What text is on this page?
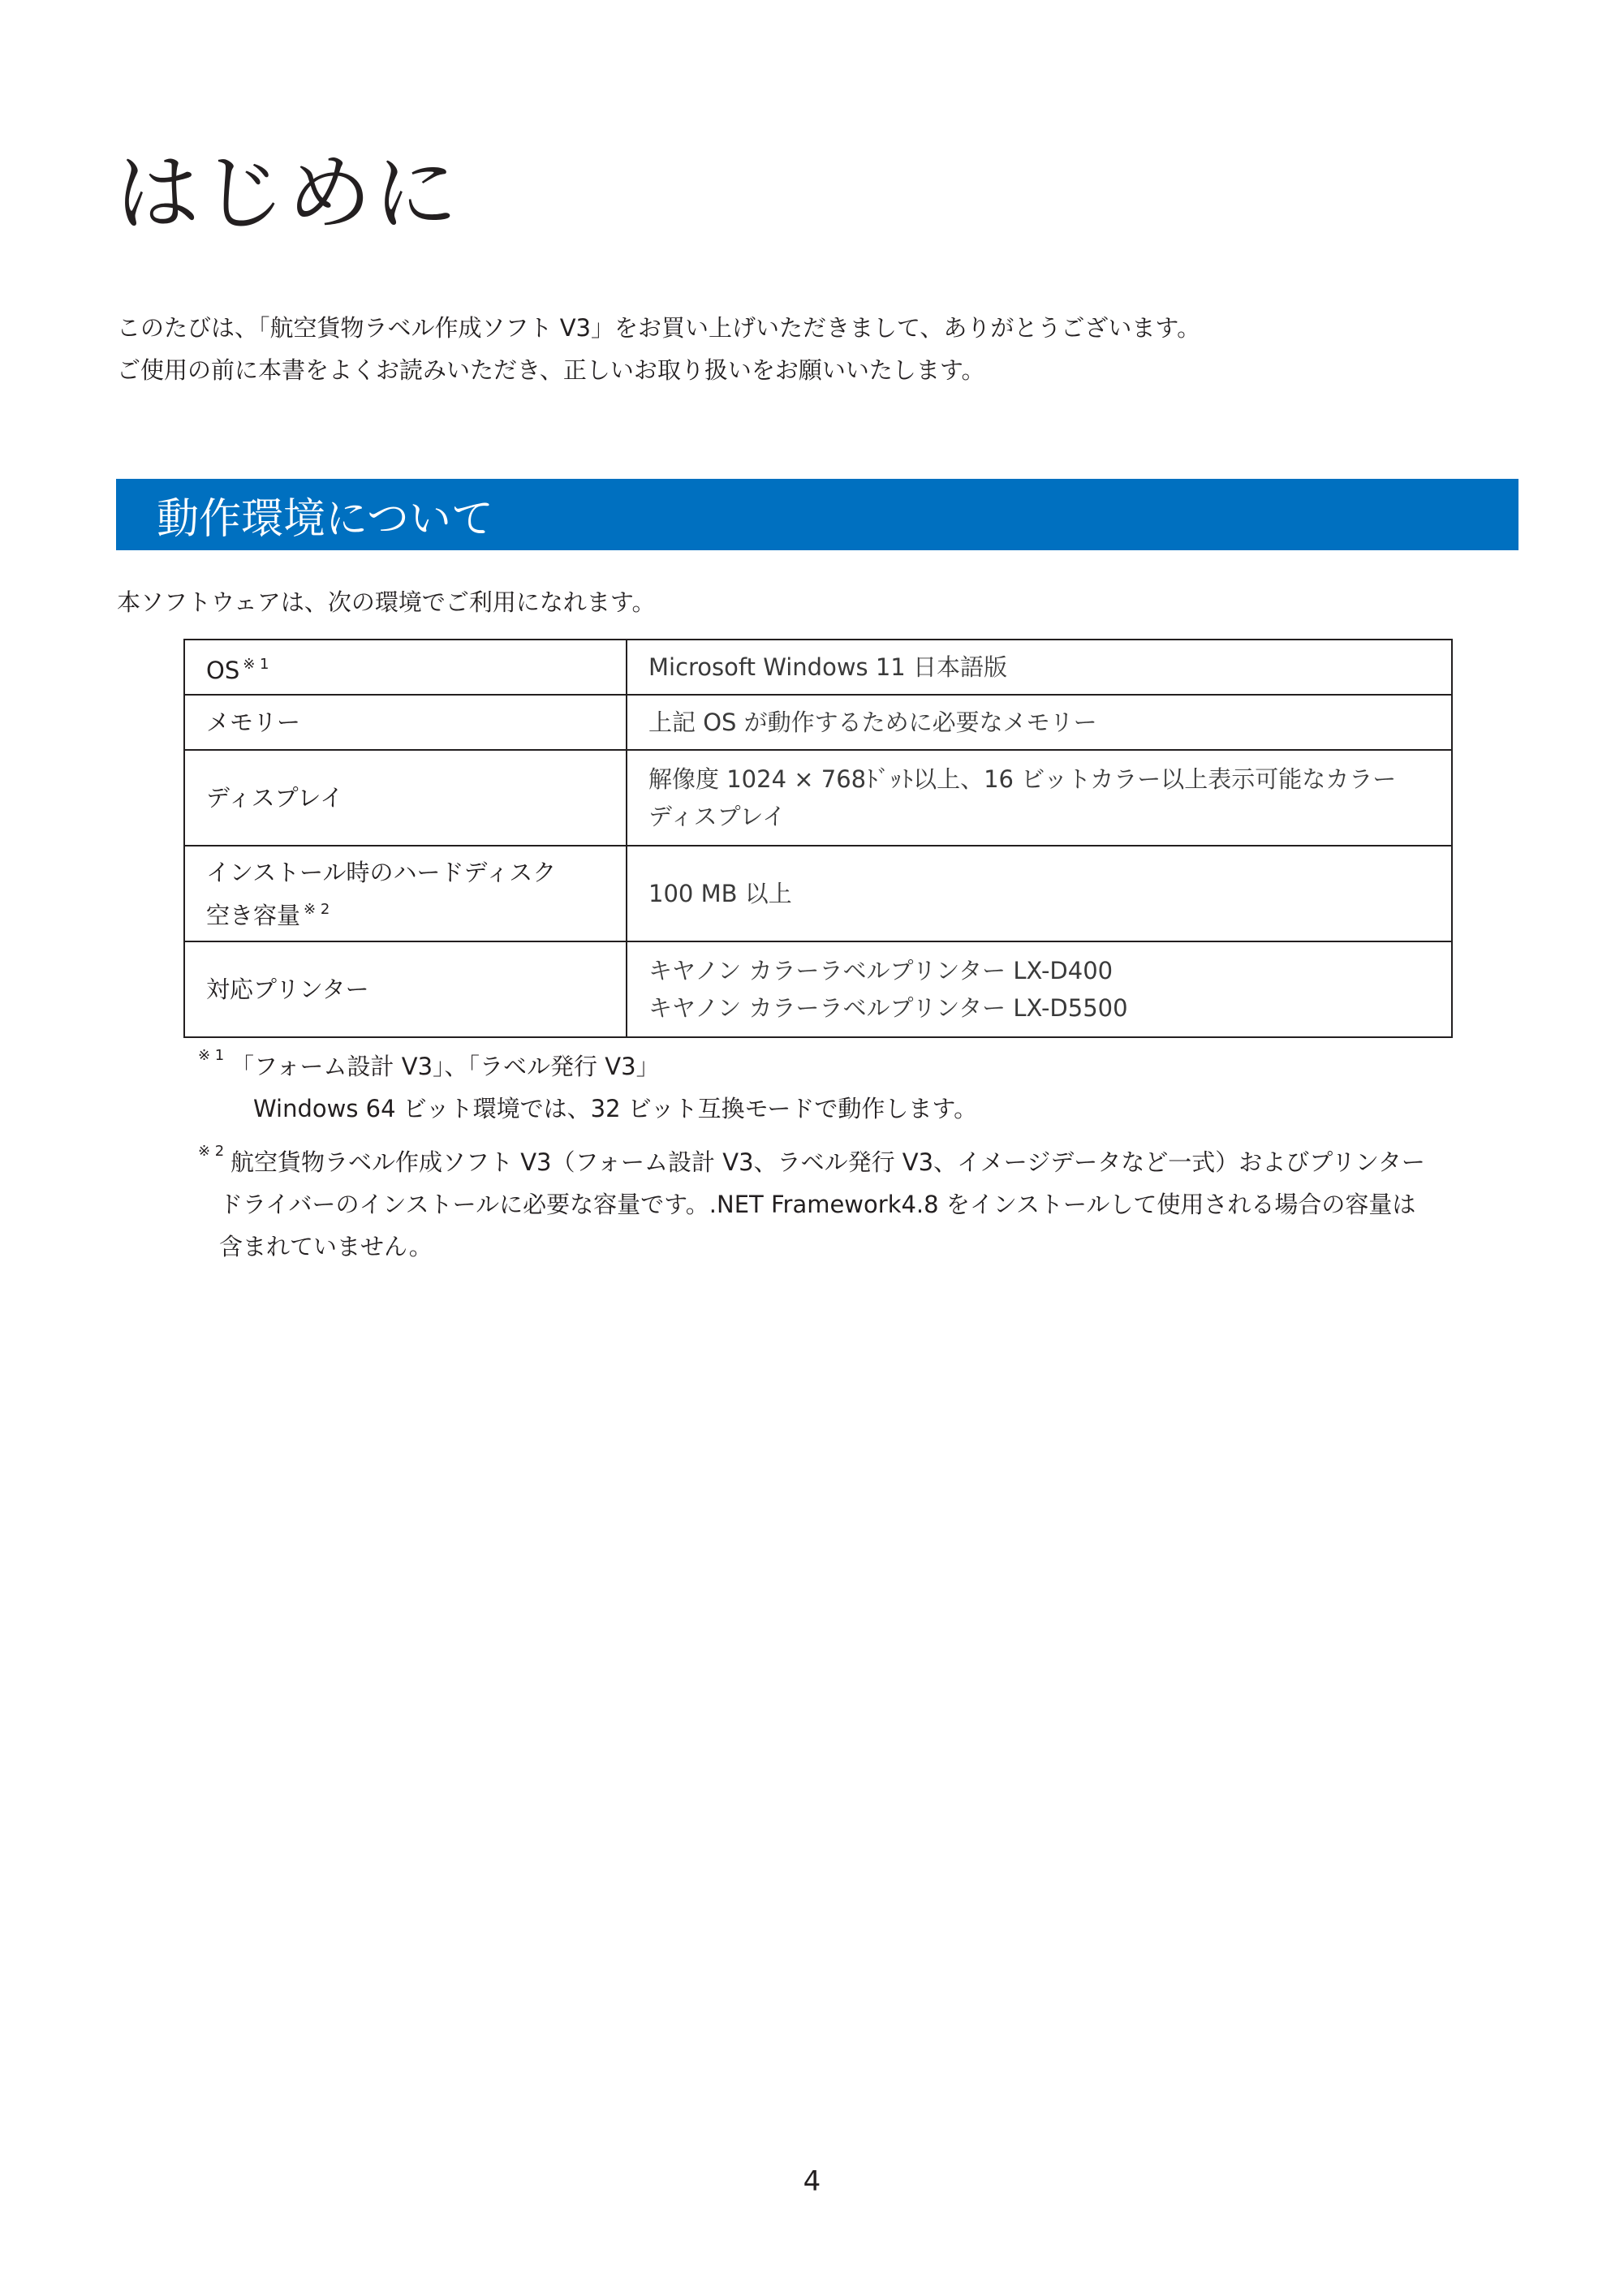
はじめに

このたびは、「航空貨物ラベル作成ソフト V3」をお買い上げいただきまして、ありがとうございます。

ご使用の前に本書をよくお読みいただき、正しいお取り扱いをお願いいたします。

動作環境について

本ソフトウェアは、次の環境でご利用になれます。

OS $^{※ 1}$	Microsoft Windows 11 日本語版

メモリー	上記 OS が動作するために必要なメモリー

ディスプレイ	解像度 1024 × 768ﾄﾞｯﾄ以上、16 ビットカラー以上表示可能なカラー
ディスプレイ

インストール時のハードディスク
空き容量 $^{※ 2}$	100 MB 以上

対応プリンター	キヤノン カラーラベルプリンター LX-D400
キヤノン カラーラベルプリンター LX-D5500
※ 1 「フォーム設計 V3」、「ラベル発行 V3」
Windows 64 ビット環境では、32 ビット互換モードで動作します。
※ 2 航空貨物ラベル作成ソフト V3（フォーム設計 V3、ラベル発行 V3、イメージデータなど一式）およびプリンタードライバーのインストールに必要な容量です。.NET Framework4.8 をインストールして使用される場合の容量は含まれていません。
4
